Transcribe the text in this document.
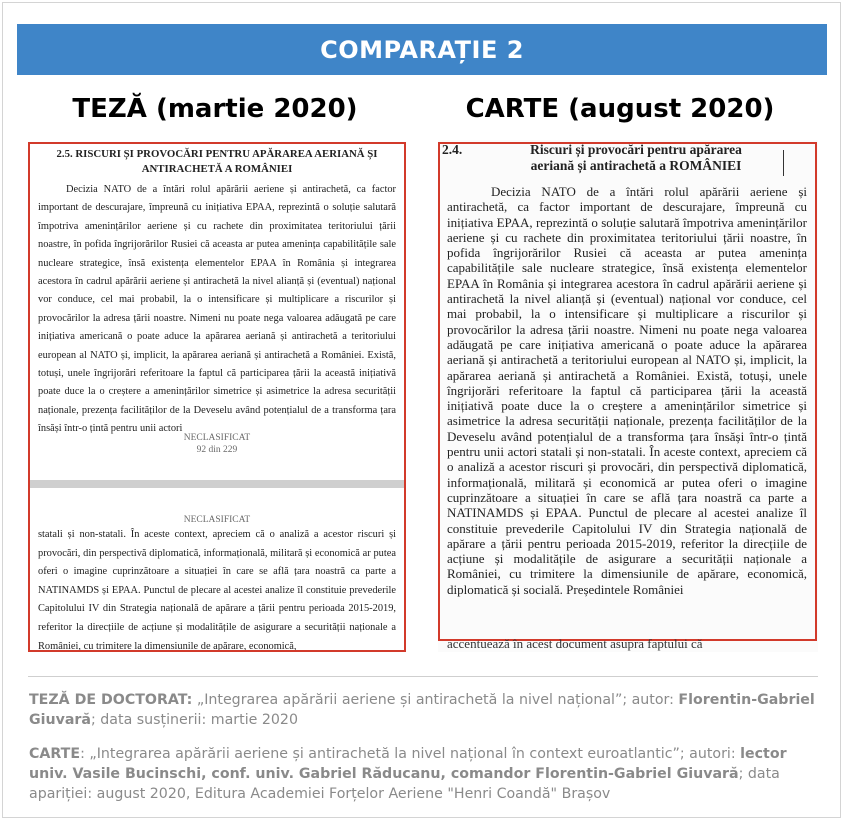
COMPARAȚIE 2
TEZĂ (martie 2020)	CARTE (august 2020)
2.5. RISCURI ȘI PROVOCĂRI PENTRU APĂRAREA AERIANĂ ȘI
ANTIRACHETĂ A ROMÂNIEI

Decizia NATO de a întări rolul apărării aeriene și antirachetă, ca factor important de descurajare, împreună cu inițiativa EPAA, reprezintă o soluție salutară împotriva amenințărilor aeriene și cu rachete din proximitatea teritoriului țării noastre, în pofida îngrijorărilor Rusiei că aceasta ar putea amenința capabilitățile sale nucleare strategice, însă existența elementelor EPAA în România și integrarea acestora în cadrul apărării aeriene și antirachetă la nivel alianță și (eventual) național vor conduce, cel mai probabil, la o intensificare și multiplicare a riscurilor și provocărilor la adresa țării noastre. Nimeni nu poate nega valoarea adăugată pe care inițiativa americană o poate aduce la apărarea aeriană și antirachetă a teritoriului european al NATO și, implicit, la apărarea aeriană și antirachetă a României. Există, totuși, unele îngrijorări referitoare la faptul că participarea țării la această inițiativă poate duce la o creștere a amenințărilor simetrice și asimetrice la adresa securității naționale, prezența facilităților de la Deveselu având potențialul de a transforma țara însăși într-o țintă pentru unii actori

NECLASIFICAT
92 din 229
NECLASIFICAT
statali și non-statali. În aceste context, apreciem că o analiză a acestor riscuri și provocări, din perspectivă diplomatică, informațională, militară și economică ar putea oferi o imagine cuprinzătoare a situației în care se află țara noastră ca parte a NATINAMDS și EPAA. Punctul de plecare al acestei analize îl constituie prevederile Capitolului IV din Strategia națională de apărare a țării pentru perioada 2015-2019, referitor la direcțiile de acțiune și modalitățile de asigurare a securității naționale a României, cu trimitere la dimensiunile de apărare, economică,
2.4.	Riscuri și provocări pentru apărarea
aeriană și antirachetă a ROMÂNIEI

Decizia NATO de a întări rolul apărării aeriene și antirachetă, ca factor important de descurajare, împreună cu inițiativa EPAA, reprezintă o soluție salutară împotriva amenințărilor aeriene și cu rachete din proximitatea teritoriului țării noastre, în pofida îngrijorărilor Rusiei că aceasta ar putea amenința capabilitățile sale nucleare strategice, însă existența elementelor EPAA în România și integrarea acestora în cadrul apărării aeriene și antirachetă la nivel alianță și (eventual) național vor conduce, cel mai probabil, la o intensificare și multiplicare a riscurilor și provocărilor la adresa țării noastre. Nimeni nu poate nega valoarea adăugată pe care inițiativa americană o poate aduce la apărarea aeriană și antirachetă a teritoriului european al NATO și, implicit, la apărarea aeriană și antirachetă a României. Există, totuși, unele îngrijorări referitoare la faptul că participarea țării la această inițiativă poate duce la o creștere a amenințărilor simetrice și asimetrice la adresa securității naționale, prezența facilităților de la Deveselu având potențialul de a transforma țara însăși într-o țintă pentru unii actori statali și non-statali. În aceste context, apreciem că o analiză a acestor riscuri și provocări, din perspectivă diplomatică, informațională, militară și economică ar putea oferi o imagine cuprinzătoare a situației în care se află țara noastră ca parte a NATINAMDS și EPAA. Punctul de plecare al acestei analize îl constituie prevederile Capitolului IV din Strategia națională de apărare a țării pentru perioada 2015-2019, referitor la direcțiile de acțiune și modalitățile de asigurare a securității naționale a României, cu trimitere la dimensiunile de apărare, economică, diplomatică și socială. Președintele României

accentuează în acest document asupra faptului că
TEZĂ DE DOCTORAT: „Integrarea apărării aeriene și antirachetă la nivel național”; autor: Florentin-Gabriel Giuvară; data susținerii: martie 2020
CARTE: „Integrarea apărării aeriene și antirachetă la nivel național în context euroatlantic”; autori: lector univ. Vasile Bucinschi, conf. univ. Gabriel Răducanu, comandor Florentin-Gabriel Giuvară; data apariției: august 2020, Editura Academiei Forțelor Aeriene "Henri Coandă" Brașov
